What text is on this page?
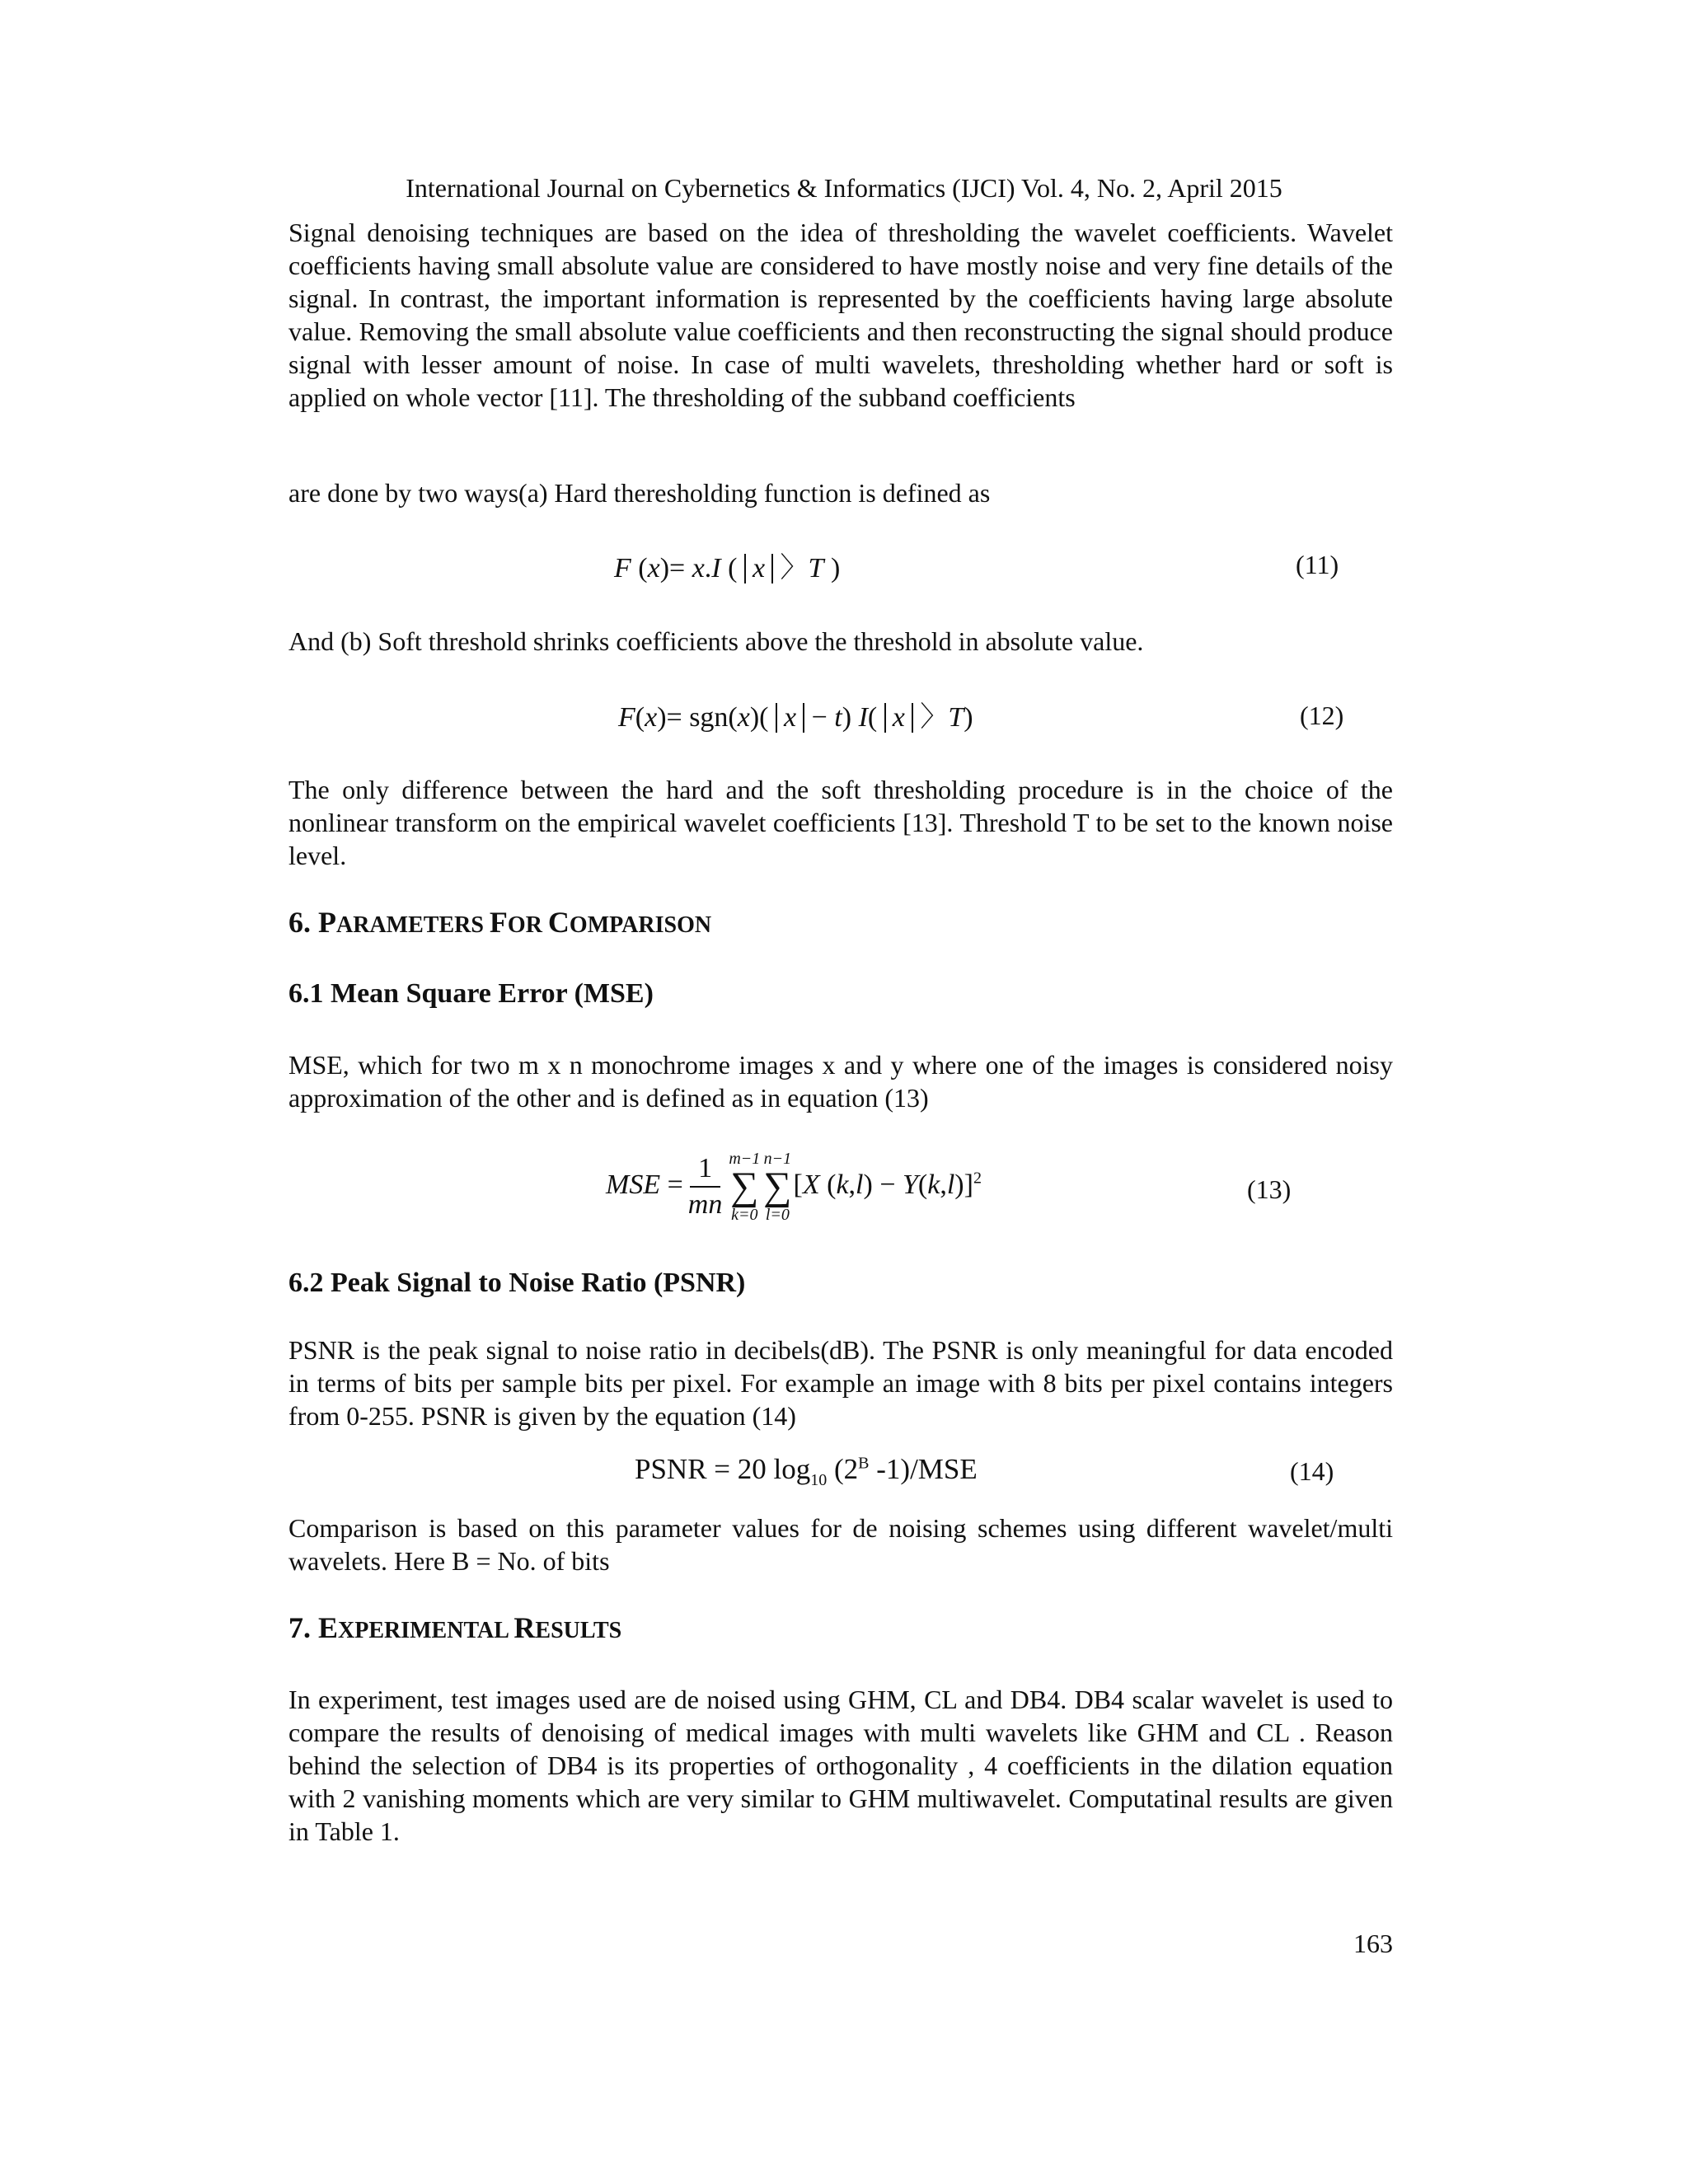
International Journal on Cybernetics & Informatics (IJCI) Vol. 4, No. 2, April 2015

Signal denoising techniques are based on the idea of thresholding the wavelet coefficients. Wavelet coefficients having small absolute value are considered to have mostly noise and very fine details of the signal. In contrast, the important information is represented by the coefficients having large absolute value. Removing the small absolute value coefficients and then reconstructing the signal should produce signal with lesser amount of noise. In case of multi wavelets, thresholding whether hard or soft is applied on whole vector [11]. The thresholding of the subband coefficients

are done by two ways(a) Hard theresholding function is defined as

F (x)= x.I ( x 〉T )	(11)

And (b) Soft threshold shrinks coefficients above the threshold in absolute value.

F(x)= sgn(x)( x − t) I( x 〉T)	(12)

The only difference between the hard and the soft thresholding procedure is in the choice of the nonlinear transform on the empirical wavelet coefficients [13]. Threshold T to be set to the known noise level.

6. PARAMETERS FOR COMPARISON
6.1 Mean Square Error (MSE)

MSE, which for two m x n monochrome images x and y where one of the images is considered noisy approximation of the other and is defined as in equation (13)

MSE = $\frac{1}{mn} m-1$
∑
k=0
n−1
∑
l=0
[X (k,l) − Y(k,l)]$^2$	(13)
6.2 Peak Signal to Noise Ratio (PSNR)

PSNR is the peak signal to noise ratio in decibels(dB). The PSNR is only meaningful for data encoded in terms of bits per sample bits per pixel. For example an image with 8 bits per pixel contains integers from 0-255. PSNR is given by the equation (14)

PSNR = 20 $\log_{10} (2^B$ -1)/MSE	(14)

Comparison is based on this parameter values for de noising schemes using different wavelet/multi wavelets. Here B = No. of bits

7. EXPERIMENTAL RESULTS

In experiment, test images used are de noised using GHM, CL and DB4. DB4 scalar wavelet is used to compare the results of denoising of medical images with multi wavelets like GHM and CL . Reason behind the selection of DB4 is its properties of orthogonality , 4 coefficients in the dilation equation with 2 vanishing moments which are very similar to GHM multiwavelet. Computatinal results are given in Table 1.

163
